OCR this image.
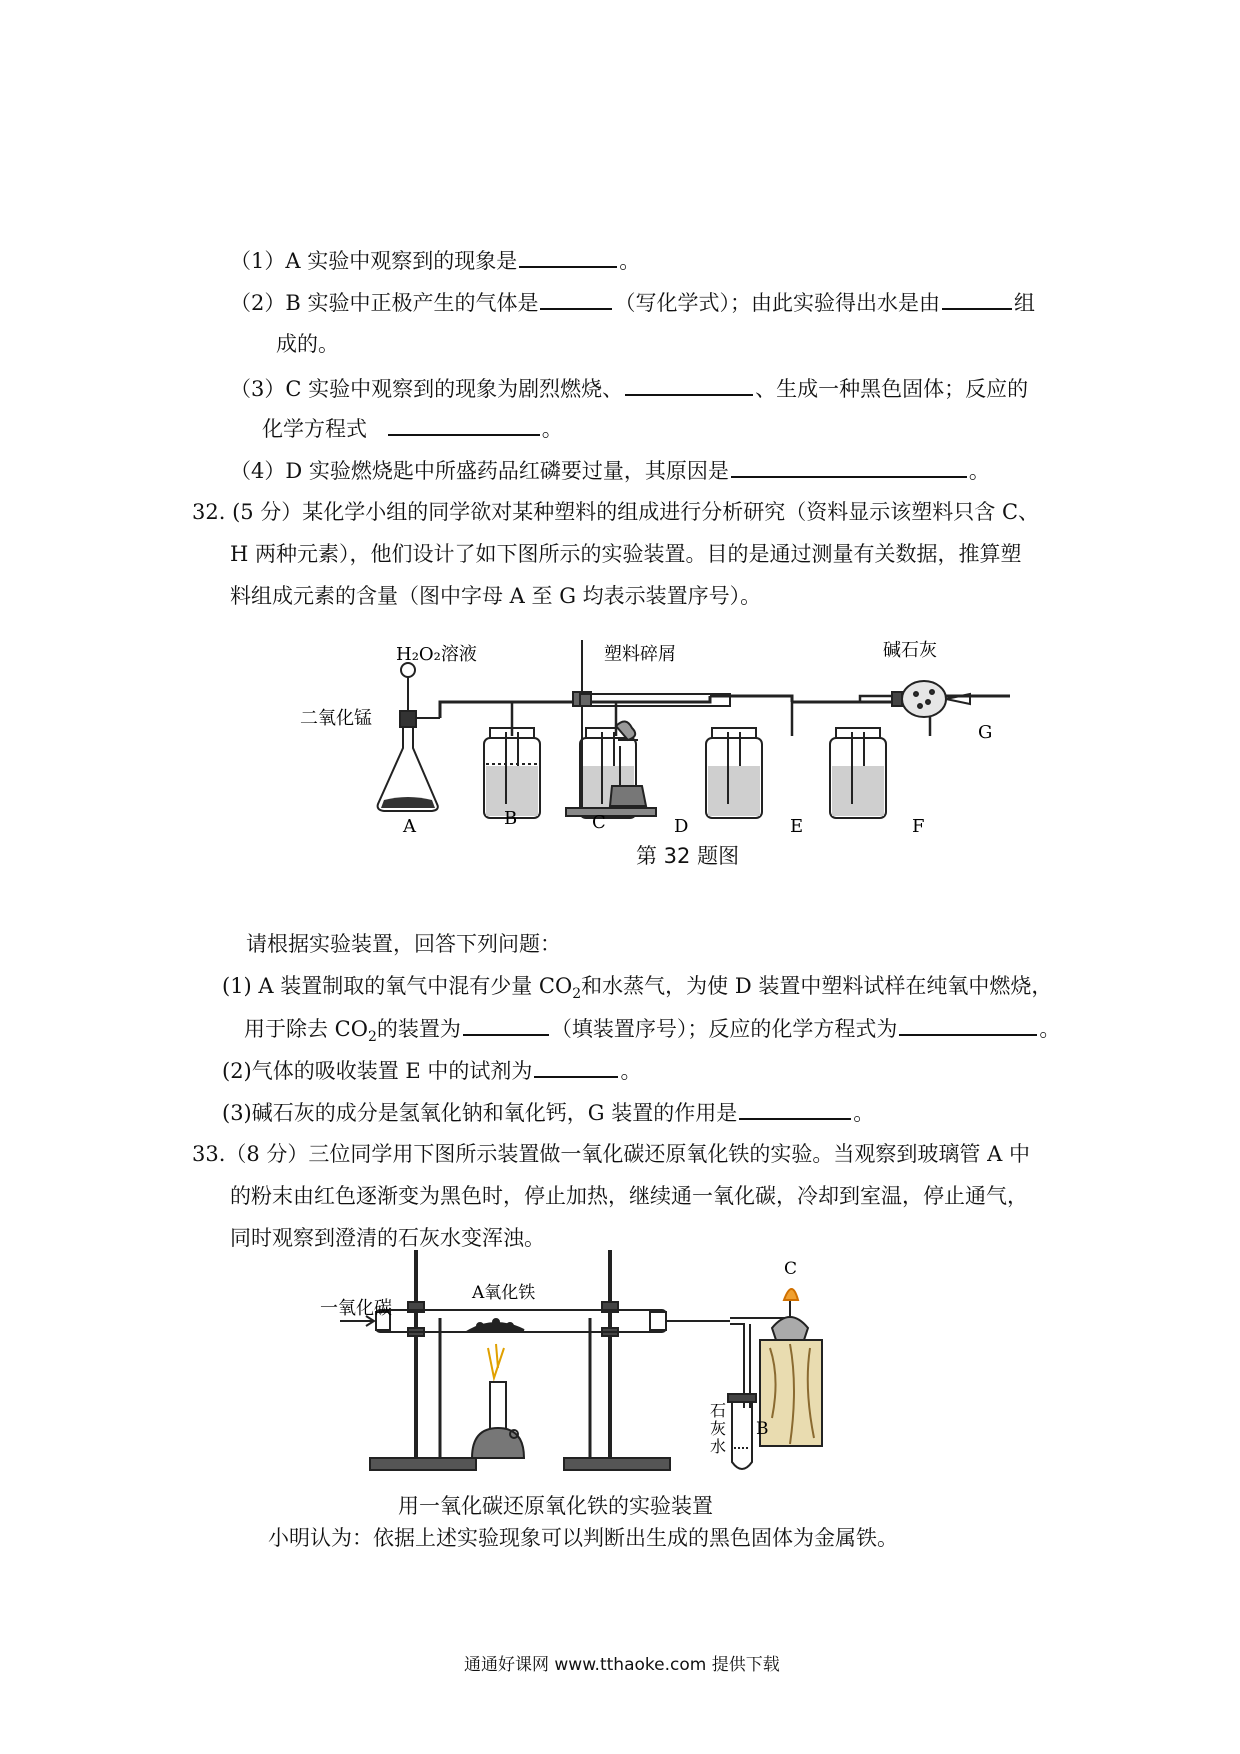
（1）A 实验中观察到的现象是	。
（2）B 实验中正极产生的气体是	（写化学式）；由此实验得出水是由	组
成的。
（3）C 实验中观察到的现象为剧烈燃烧、	、生成一种黑色固体；反应的
化学方程式	。
（4）D 实验燃烧匙中所盛药品红磷要过量，其原因是	。
32. (5 分）某化学小组的同学欲对某种塑料的组成进行分析研究（资料显示该塑料只含 C、
H 两种元素），他们设计了如下图所示的实验装置。目的是通过测量有关数据，推算塑
料组成元素的含量（图中字母 A 至 G 均表示装置序号）。
H₂O₂溶液
二氧化锰
塑料碎屑	碱石灰
A	B	C	D	E	F
G
第 32 题图
请根据实验装置，回答下列问题：
(1) A 装置制取的氧气中混有少量 $CO_2$和水蒸气，为使 D 装置中塑料试样在纯氧中燃烧，
用于除去 $CO_2$的装置为	（填装置序号）；反应的化学方程式为	。
(2)气体的吸收装置 E 中的试剂为	。
(3)碱石灰的成分是氢氧化钠和氧化钙，G 装置的作用是	。
33.（8 分）三位同学用下图所示装置做一氧化碳还原氧化铁的实验。当观察到玻璃管 A 中
的粉末由红色逐渐变为黑色时，停止加热，继续通一氧化碳，冷却到室温，停止通气，
同时观察到澄清的石灰水变浑浊。
一氧化碳
A氧化铁
C
B
石
灰
水
用一氧化碳还原氧化铁的实验装置
小明认为：依据上述实验现象可以判断出生成的黑色固体为金属铁。
通通好课网 www.tthaoke.com 提供下载
